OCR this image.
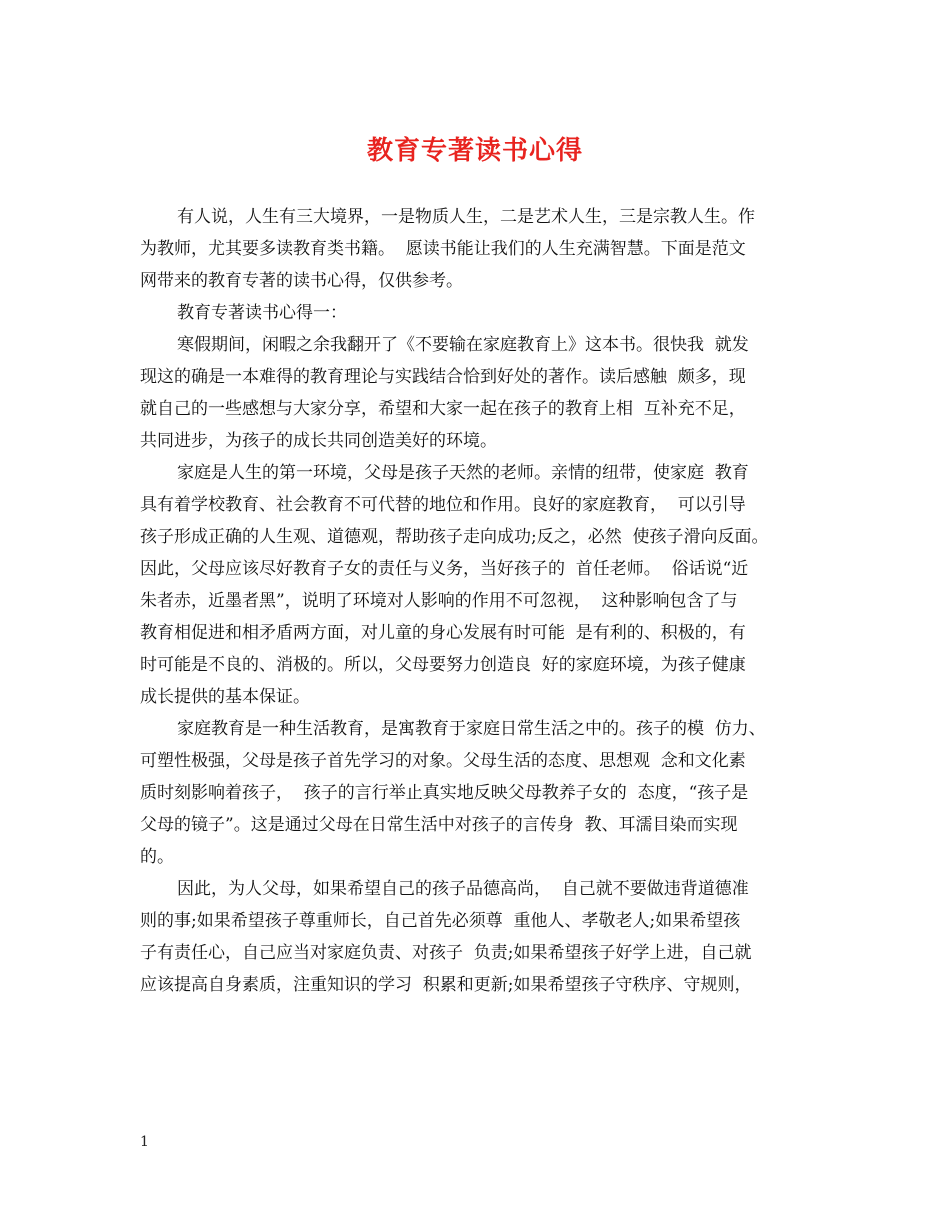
教育专著读书心得
有人说，人生有三大境界，一是物质人生，二是艺术人生，三是宗教人生。作
为教师，尤其要多读教育类书籍。  愿读书能让我们的人生充满智慧。下面是范文
网带来的教育专著的读书心得，仅供参考。
教育专著读书心得一：
寒假期间，闲暇之余我翻开了《不要输在家庭教育上》这本书。很快我  就发
现这的确是一本难得的教育理论与实践结合恰到好处的著作。读后感触  颇多，现
就自己的一些感想与大家分享，希望和大家一起在孩子的教育上相  互补充不足，
共同进步，为孩子的成长共同创造美好的环境。
家庭是人生的第一环境，父母是孩子天然的老师。亲情的纽带，使家庭  教育
具有着学校教育、社会教育不可代替的地位和作用。良好的家庭教育，  可以引导
孩子形成正确的人生观、道德观，帮助孩子走向成功;反之，必然  使孩子滑向反面。
因此，父母应该尽好教育子女的责任与义务，当好孩子的  首任老师。  俗话说“近
朱者赤，近墨者黑”，说明了环境对人影响的作用不可忽视，  这种影响包含了与
教育相促进和相矛盾两方面，对儿童的身心发展有时可能  是有利的、积极的，有
时可能是不良的、消极的。所以，父母要努力创造良  好的家庭环境，为孩子健康
成长提供的基本保证。
家庭教育是一种生活教育，是寓教育于家庭日常生活之中的。孩子的模  仿力、
可塑性极强，父母是孩子首先学习的对象。父母生活的态度、思想观  念和文化素
质时刻影响着孩子，  孩子的言行举止真实地反映父母教养子女的  态度，“孩子是
父母的镜子”。这是通过父母在日常生活中对孩子的言传身  教、耳濡目染而实现
的。
因此，为人父母，如果希望自己的孩子品德高尚，  自己就不要做违背道德准
则的事;如果希望孩子尊重师长，自己首先必须尊  重他人、孝敬老人;如果希望孩
子有责任心，自己应当对家庭负责、对孩子  负责;如果希望孩子好学上进，自己就
应该提高自身素质，注重知识的学习  积累和更新;如果希望孩子守秩序、守规则，
1
